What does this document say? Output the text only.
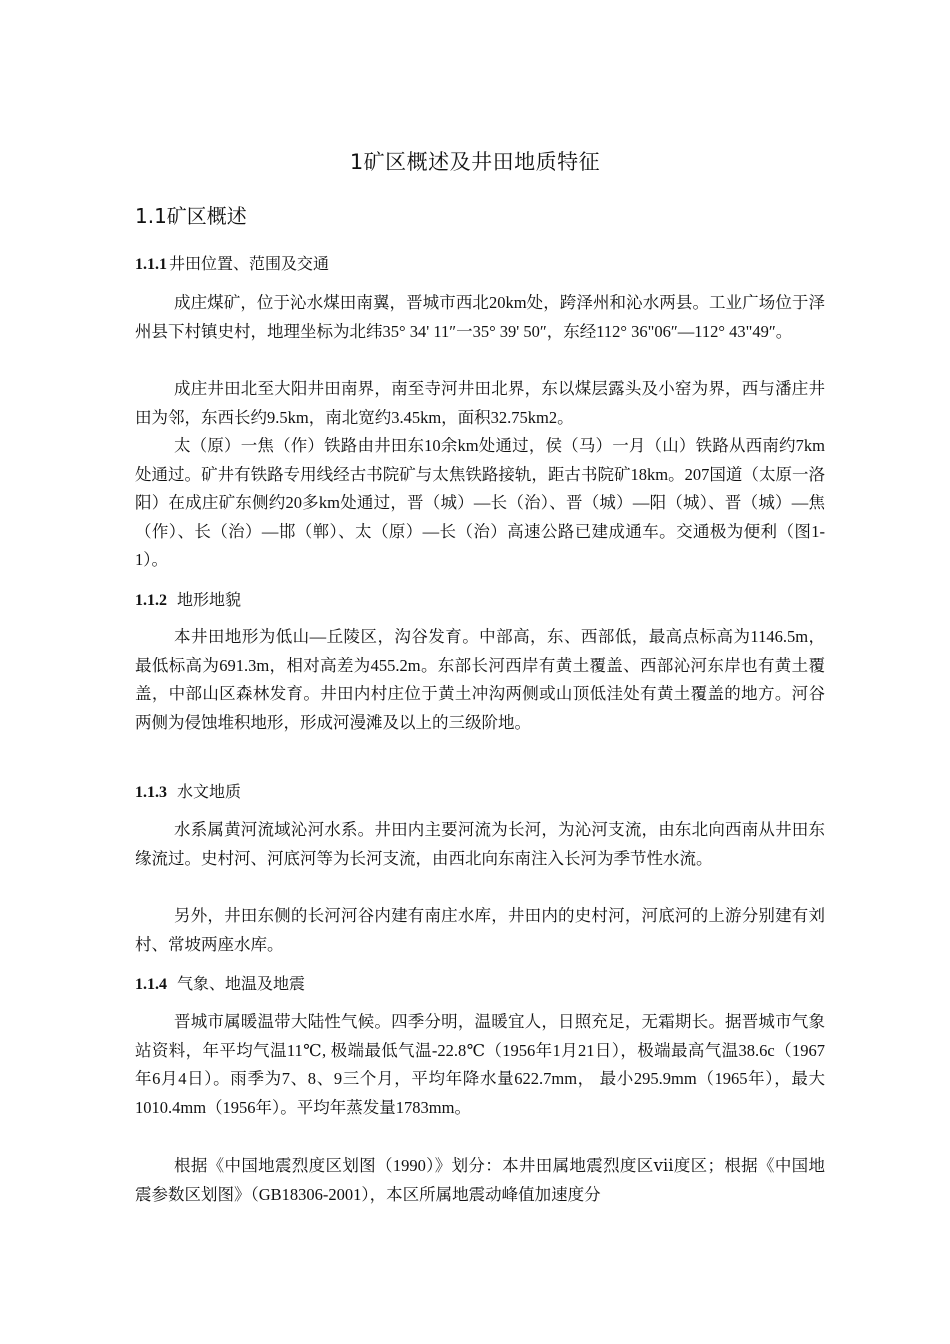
1矿区概述及井田地质特征
1.1矿区概述
1.1.1 井田位置、范围及交通

成庄煤矿，位于沁水煤田南翼，晋城市西北20km处，跨泽州和沁水两县。工业广场位于泽州县下村镇史村，地理坐标为北纬35° 34' 11″一35° 39' 50″，东经112° 36"06″—112° 43"49″。

成庄井田北至大阳井田南界，南至寺河井田北界，东以煤层露头及小窑为界，西与潘庄井田为邻，东西长约9.5km，南北宽约3.45km，面积32.75km2。

太（原）一焦（作）铁路由井田东10余km处通过，侯（马）一月（山）铁路从西南约7km处通过。矿井有铁路专用线经古书院矿与太焦铁路接轨，距古书院矿18km。207国道（太原一洛阳）在成庄矿东侧约20多km处通过，晋（城）—长（治）、晋（城）—阳（城）、晋（城）—焦（作）、长（治）—邯（郸）、太（原）—长（治）高速公路已建成通车。交通极为便利（图1-1）。

1.1.2 地形地貌

本井田地形为低山—丘陵区，沟谷发育。中部高，东、西部低，最高点标高为1146.5m，最低标高为691.3m，相对高差为455.2m。东部长河西岸有黄土覆盖、西部沁河东岸也有黄土覆盖，中部山区森林发育。井田内村庄位于黄土冲沟两侧或山顶低洼处有黄土覆盖的地方。河谷两侧为侵蚀堆积地形，形成河漫滩及以上的三级阶地。

1.1.3 水文地质

水系属黄河流域沁河水系。井田内主要河流为长河，为沁河支流，由东北向西南从井田东缘流过。史村河、河底河等为长河支流，由西北向东南注入长河为季节性水流。

另外，井田东侧的长河河谷内建有南庄水库，井田内的史村河，河底河的上游分别建有刘村、常坡两座水库。

1.1.4 气象、地温及地震

晋城市属暖温带大陆性气候。四季分明，温暖宜人，日照充足，无霜期长。据晋城市气象站资料，年平均气温11℃, 极端最低气温-22.8℃（1956年1月21日），极端最高气温38.6c（1967年6月4日）。雨季为7、8、9三个月，平均年降水量622.7mm， 最小295.9mm（1965年），最大1010.4mm（1956年）。平均年蒸发量1783mm。

根据《中国地震烈度区划图（1990）》划分：本井田属地震烈度区ⅶ度区；根据《中国地震参数区划图》（GB18306-2001），本区所属地震动峰值加速度分
